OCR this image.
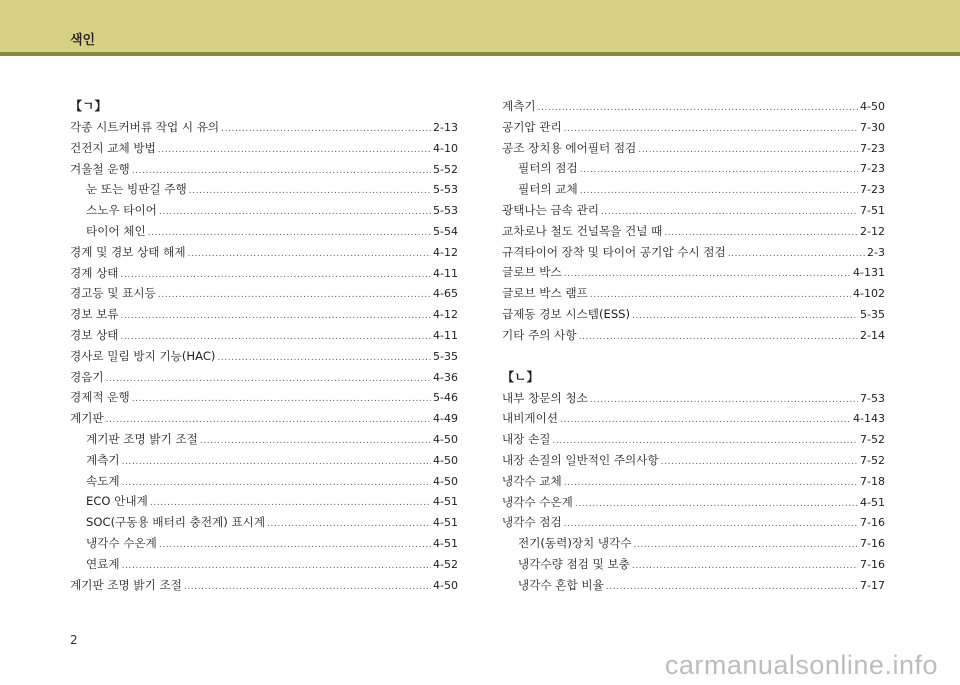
색인
【ㄱ】
각종 시트커버류 작업 시 유의 .....	2-13
건전지 교체 방법 .....	4-10
겨울철 운행 .....	5-52
눈 또는 빙판길 주행 .....	5-53
스노우 타이어 .....	5-53
타이어 체인 .....	5-54
경계 및 경보 상태 해제 .....	4-12
경계 상태 .....	4-11
경고등 및 표시등 .....	4-65
경보 보류 .....	4-12
경보 상태 .....	4-11
경사로 밀림 방지 기능(HAC) .....	5-35
경음기 .....	4-36
경제적 운행 .....	5-46
계기판 .....	4-49
계기판 조명 밝기 조절 .....	4-50
계측기 .....	4-50
속도계 .....	4-50
ECO 안내계 .....	4-51
SOC(구동용 배터리 충전계) 표시계 .....	4-51
냉각수 수온계 .....	4-51
연료계 .....	4-52
계기판 조명 밝기 조절 .....	4-50
계측기 .....	4-50
공기압 관리 .....	7-30
공조 장치용 에어필터 점검 .....	7-23
필터의 점검 .....	7-23
필터의 교체 .....	7-23
광택나는 금속 관리 .....	7-51
교차로나 철도 건널목을 건널 때 .....	2-12
규격타이어 장착 및 타이어 공기압 수시 점검 .....	2-3
글로브 박스 .....	4-131
글로브 박스 램프 .....	4-102
급제동 경보 시스템(ESS) .....	5-35
기타 주의 사항 .....	2-14
【ㄴ】
내부 창문의 청소 .....	7-53
내비게이션 .....	4-143
내장 손질 .....	7-52
내장 손질의 일반적인 주의사항 .....	7-52
냉각수 교체 .....	7-18
냉각수 수온계 .....	4-51
냉각수 점검 .....	7-16
전기(동력)장치 냉각수 .....	7-16
냉각수량 점검 및 보충 .....	7-16
냉각수 혼합 비율 .....	7-17
2
carmanualsonline.info
